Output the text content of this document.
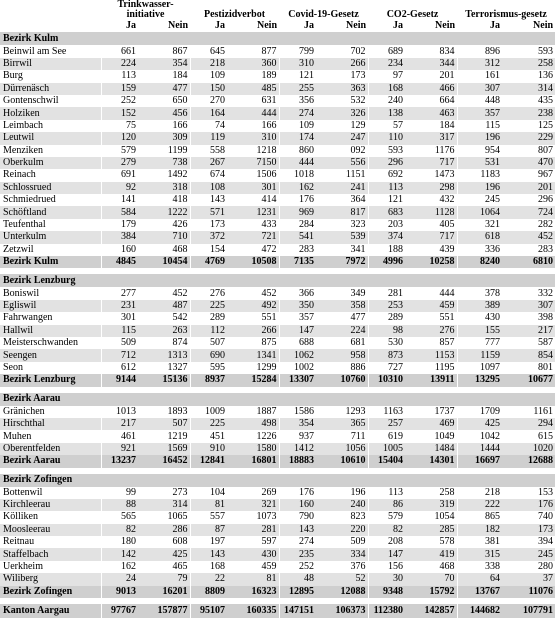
	Trinkwasser-initiative		Pestizidverbot		Covid-19-Gesetz		CO2-Gesetz		Terrorismus-gesetz	
	Ja	Nein	Ja	Nein	Ja	Nein	Ja	Nein	Ja	Nein
Bezirk Kulm										
Beinwil am See	661	867	645	877	799	702	689	834	896	593
Birrwil	224	354	218	360	310	266	234	344	312	258
Burg	113	184	109	189	121	173	97	201	161	136
Dürrenäsch	159	477	150	485	255	363	168	466	307	314
Gontenschwil	252	650	270	631	356	532	240	664	448	435
Holziken	152	456	164	444	274	326	138	463	357	238
Leimbach	75	166	74	166	109	129	57	184	115	125
Leutwil	120	309	119	310	174	247	110	317	196	229
Menziken	579	1199	558	1218	860	092	593	1176	954	807
Oberkulm	279	738	267	7150	444	556	296	717	531	470
Reinach	691	1492	674	1506	1018	1151	692	1473	1183	967
Schlossrued	92	318	108	301	162	241	113	298	196	201
Schmiedrued	141	418	143	414	176	364	121	432	245	296
Schöftland	584	1222	571	1231	969	817	683	1128	1064	724
Teufenthal	179	426	173	433	284	323	203	405	321	282
Unterkulm	384	710	372	721	541	539	374	717	618	452
Zetzwil	160	468	154	472	283	341	188	439	336	283
Bezirk Kulm	4845	10454	4769	10508	7135	7972	4996	10258	8240	6810

Bezirk Lenzburg										
Boniswil	277	452	276	452	366	349	281	444	378	332
Egliswil	231	487	225	492	350	358	253	459	389	307
Fahrwangen	301	542	289	551	357	477	289	551	430	398
Hallwil	115	263	112	266	147	224	98	276	155	217
Meisterschwanden	509	874	507	875	688	681	530	857	777	587
Seengen	712	1313	690	1341	1062	958	873	1153	1159	854
Seon	612	1327	595	1299	1002	886	727	1195	1097	801
Bezirk Lenzburg	9144	15136	8937	15284	13307	10760	10310	13911	13295	10677

Bezirk Aarau										
Gränichen	1013	1893	1009	1887	1586	1293	1163	1737	1709	1161
Hirschthal	217	507	225	498	354	365	257	469	425	294
Muhen	461	1219	451	1226	937	711	619	1049	1042	615
Oberentfelden	921	1569	910	1580	1412	1056	1005	1484	1444	1020
Bezirk Aarau	13237	16452	12841	16801	18883	10610	15404	14301	16697	12688

Bezirk Zofingen										
Bottenwil	99	273	104	269	176	196	113	258	218	153
Kirchleerau	88	314	81	321	160	240	86	319	222	176
Kölliken	565	1065	557	1073	790	823	579	1054	865	740
Moosleerau	82	286	87	281	143	220	82	285	182	173
Reitnau	180	608	197	597	274	509	208	578	381	394
Staffelbach	142	425	143	430	235	334	147	419	315	245
Uerkheim	162	465	168	459	252	376	156	468	338	280
Wiliberg	24	79	22	81	48	52	30	70	64	37
Bezirk Zofingen	9013	16201	8809	16323	12895	12088	9348	15792	13767	11076

Kanton Aargau	97767	157877	95107	160335	147151	106373	112380	142857	144682	107791
